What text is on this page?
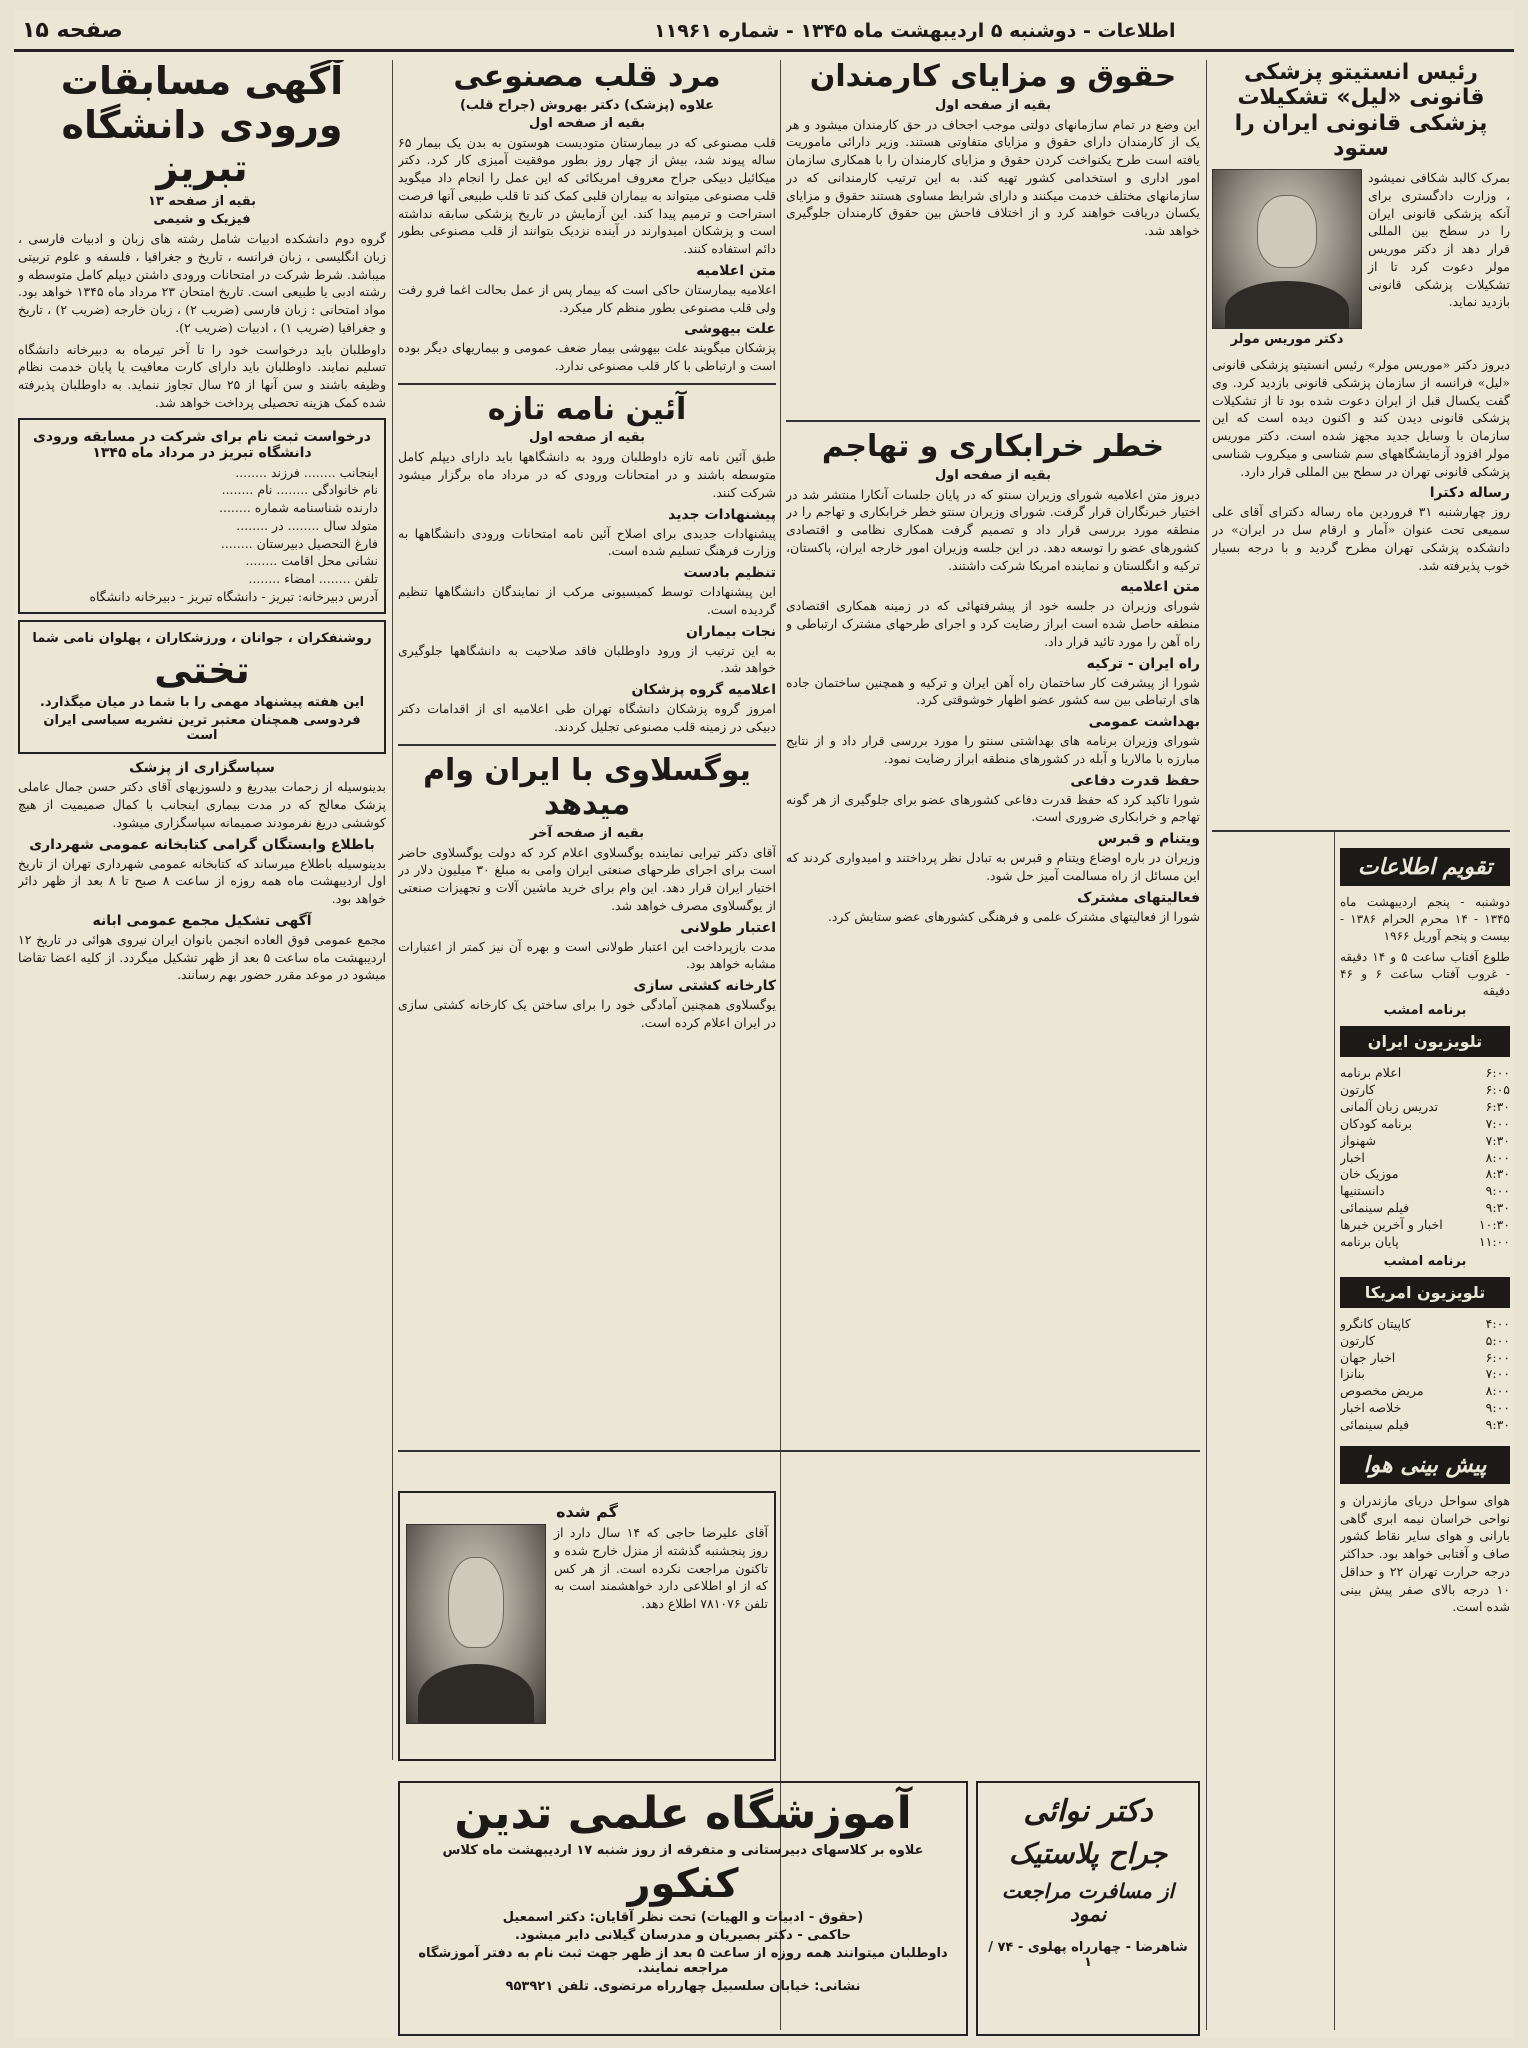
اطلاعات - دوشنبه ۵ اردیبهشت ماه ۱۳۴۵ - شماره ۱۱۹۶۱
صفحه ۱۵
رئیس انستیتو پزشکی قانونی «لیل» تشکیلات پزشکی قانونی ایران را ستود
بمرک کالبد شکافی نمیشود ، وزارت دادگستری برای آنکه پزشکی قانونی ایران را در سطح بین المللی قرار دهد از دکتر موریس مولر دعوت کرد تا از تشکیلات پزشکی قانونی بازدید نماید.
دکتر موریس مولر
دیروز دکتر «موریس مولر» رئیس انستیتو پزشکی قانونی «لیل» فرانسه از سازمان پزشکی قانونی بازدید کرد. وی گفت یکسال قبل از ایران دعوت شده بود تا از تشکیلات پزشکی قانونی دیدن کند و اکنون دیده است که این سازمان با وسایل جدید مجهز شده است. دکتر موریس مولر افزود آزمایشگاههای سم شناسی و میکروب شناسی پزشکی قانونی تهران در سطح بین المللی قرار دارد.
رساله دکترا
روز چهارشنبه ۳۱ فروردین ماه رساله دکترای آقای علی سمیعی تحت عنوان «آمار و ارقام سل در ایران» در دانشکده پزشکی تهران مطرح گردید و با درجه بسیار خوب پذیرفته شد.
تقویم اطلاعات
دوشنبه - پنجم اردیبهشت ماه ۱۳۴۵ - ۱۴ محرم الحرام ۱۳۸۶ - بیست و پنجم آوریل ۱۹۶۶
طلوع آفتاب ساعت ۵ و ۱۴ دقیقه - غروب آفتاب ساعت ۶ و ۴۶ دقیقه
برنامه امشب
تلویزیون ایران
۶:۰۰
اعلام برنامه
۶:۰۵
کارتون
۶:۳۰
تدریس زبان آلمانی
۷:۰۰
برنامه کودکان
۷:۳۰
شهنواز
۸:۰۰
اخبار
۸:۳۰
موزیک خان
۹:۰۰
دانستنیها
۹:۳۰
فیلم سینمائی
۱۰:۳۰
اخبار و آخرین خبرها
۱۱:۰۰
پایان برنامه
برنامه امشب
تلویزیون امریکا
۴:۰۰
کاپیتان کانگرو
۵:۰۰
کارتون
۶:۰۰
اخبار جهان
۷:۰۰
بنانزا
۸:۰۰
مریض مخصوص
۹:۰۰
خلاصه اخبار
۹:۳۰
فیلم سینمائی
پیش بینی هوا
هوای سواحل دریای مازندران و نواحی خراسان نیمه ابری گاهی بارانی و هوای سایر نقاط کشور صاف و آفتابی خواهد بود. حداکثر درجه حرارت تهران ۲۲ و حداقل ۱۰ درجه بالای صفر پیش بینی شده است.
حقوق و مزایای کارمندان
بقیه از صفحه اول
این وضع در تمام سازمانهای دولتی موجب اجحاف در حق کارمندان میشود و هر یک از کارمندان دارای حقوق و مزایای متفاوتی هستند. وزیر دارائی ماموریت یافته است طرح یکنواخت کردن حقوق و مزایای کارمندان را با همکاری سازمان امور اداری و استخدامی کشور تهیه کند. به این ترتیب کارمندانی که در سازمانهای مختلف خدمت میکنند و دارای شرایط مساوی هستند حقوق و مزایای یکسان دریافت خواهند کرد و از اختلاف فاحش بین حقوق کارمندان جلوگیری خواهد شد.
خطر خرابکاری و تهاجم
بقیه از صفحه اول
دیروز متن اعلامیه شورای وزیران سنتو که در پایان جلسات آنکارا منتشر شد در اختیار خبرنگاران قرار گرفت. شورای وزیران سنتو خطر خرابکاری و تهاجم را در منطقه مورد بررسی قرار داد و تصمیم گرفت همکاری نظامی و اقتصادی کشورهای عضو را توسعه دهد. در این جلسه وزیران امور خارجه ایران، پاکستان، ترکیه و انگلستان و نماینده امریکا شرکت داشتند.
متن اعلامیه
شورای وزیران در جلسه خود از پیشرفتهائی که در زمینه همکاری اقتصادی منطقه حاصل شده است ابراز رضایت کرد و اجرای طرحهای مشترک ارتباطی و راه آهن را مورد تائید قرار داد.
راه ایران - ترکیه
شورا از پیشرفت کار ساختمان راه آهن ایران و ترکیه و همچنین ساختمان جاده های ارتباطی بین سه کشور عضو اظهار خوشوقتی کرد.
بهداشت عمومی
شورای وزیران برنامه های بهداشتی سنتو را مورد بررسی قرار داد و از نتایج مبارزه با مالاریا و آبله در کشورهای منطقه ابراز رضایت نمود.
حفظ قدرت دفاعی
شورا تاکید کرد که حفظ قدرت دفاعی کشورهای عضو برای جلوگیری از هر گونه تهاجم و خرابکاری ضروری است.
ویتنام و قبرس
وزیران در باره اوضاع ویتنام و قبرس به تبادل نظر پرداختند و امیدواری کردند که این مسائل از راه مسالمت آمیز حل شود.
فعالیتهای مشترک
شورا از فعالیتهای مشترک علمی و فرهنگی کشورهای عضو ستایش کرد.
مرد قلب مصنوعی
علاوه (پزشک) دکتر بهروش (جراح قلب)
بقیه از صفحه اول
قلب مصنوعی که در بیمارستان متودیست هوستون به بدن یک بیمار ۶۵ ساله پیوند شد، بیش از چهار روز بطور موفقیت آمیزی کار کرد. دکتر میکائیل دبیکی جراح معروف امریکائی که این عمل را انجام داد میگوید قلب مصنوعی میتواند به بیماران قلبی کمک کند تا قلب طبیعی آنها فرصت استراحت و ترمیم پیدا کند. این آزمایش در تاریخ پزشکی سابقه نداشته است و پزشکان امیدوارند در آینده نزدیک بتوانند از قلب مصنوعی بطور دائم استفاده کنند.
متن اعلامیه
اعلامیه بیمارستان حاکی است که بیمار پس از عمل بحالت اغما فرو رفت ولی قلب مصنوعی بطور منظم کار میکرد.
علت بیهوشی
پزشکان میگویند علت بیهوشی بیمار ضعف عمومی و بیماریهای دیگر بوده است و ارتباطی با کار قلب مصنوعی ندارد.
آئین نامه تازه
بقیه از صفحه اول
طبق آئین نامه تازه داوطلبان ورود به دانشگاهها باید دارای دیپلم کامل متوسطه باشند و در امتحانات ورودی که در مرداد ماه برگزار میشود شرکت کنند.
پیشنهادات جدید
پیشنهادات جدیدی برای اصلاح آئین نامه امتحانات ورودی دانشگاهها به وزارت فرهنگ تسلیم شده است.
تنظیم بادست
این پیشنهادات توسط کمیسیونی مرکب از نمایندگان دانشگاهها تنظیم گردیده است.
نجات بیماران
به این ترتیب از ورود داوطلبان فاقد صلاحیت به دانشگاهها جلوگیری خواهد شد.
اعلامیه گروه پزشکان
امروز گروه پزشکان دانشگاه تهران طی اعلامیه ای از اقدامات دکتر دبیکی در زمینه قلب مصنوعی تجلیل کردند.
یوگسلاوی با ایران وام میدهد
بقیه از صفحه آخر
آقای دکتر تیرایی نماینده یوگسلاوی اعلام کرد که دولت یوگسلاوی حاضر است برای اجرای طرحهای صنعتی ایران وامی به مبلغ ۳۰ میلیون دلار در اختیار ایران قرار دهد. این وام برای خرید ماشین آلات و تجهیزات صنعتی از یوگسلاوی مصرف خواهد شد.
اعتبار طولانی
مدت بازپرداخت این اعتبار طولانی است و بهره آن نیز کمتر از اعتبارات مشابه خواهد بود.
کارخانه کشتی سازی
یوگسلاوی همچنین آمادگی خود را برای ساختن یک کارخانه کشتی سازی در ایران اعلام کرده است.
گم شده
آقای علیرضا حاجی که ۱۴ سال دارد از روز پنجشنبه گذشته از منزل خارج شده و تاکنون مراجعت نکرده است. از هر کس که از او اطلاعی دارد خواهشمند است به تلفن ۷۸۱۰۷۶ اطلاع دهد.
آگهی مسابقات ورودی دانشگاه تبریز
بقیه از صفحه ۱۳
فیزیک و شیمی
گروه دوم دانشکده ادبیات شامل رشته های زبان و ادبیات فارسی ، زبان انگلیسی ، زبان فرانسه ، تاریخ و جغرافیا ، فلسفه و علوم تربیتی میباشد. شرط شرکت در امتحانات ورودی داشتن دیپلم کامل متوسطه و رشته ادبی یا طبیعی است. تاریخ امتحان ۲۳ مرداد ماه ۱۳۴۵ خواهد بود. مواد امتحانی : زبان فارسی (ضریب ۲) ، زبان خارجه (ضریب ۲) ، تاریخ و جغرافیا (ضریب ۱) ، ادبیات (ضریب ۲).
داوطلبان باید درخواست خود را تا آخر تیرماه به دبیرخانه دانشگاه تسلیم نمایند. داوطلبان باید دارای کارت معافیت یا پایان خدمت نظام وظیفه باشند و سن آنها از ۲۵ سال تجاوز ننماید. به داوطلبان پذیرفته شده کمک هزینه تحصیلی پرداخت خواهد شد.
درخواست ثبت نام برای شرکت در مسابقه ورودی دانشگاه تبریز در مرداد ماه ۱۳۴۵
اینجانب ........ فرزند ........
نام خانوادگی ........ نام ........
دارنده شناسنامه شماره ........
متولد سال ........ در ........
فارغ التحصیل دبیرستان ........
نشانی محل اقامت ........
تلفن ........ امضاء ........
آدرس دبیرخانه: تبریز - دانشگاه تبریز - دبیرخانه دانشگاه
روشنفکران ، جوانان ، ورزشکاران ، پهلوان نامی شما
تختی
این هفته پیشنهاد مهمی را با شما در میان میگذارد.
فردوسی همچنان معتبر ترین نشریه سیاسی ایران است
سپاسگزاری از پزشک
بدینوسیله از زحمات بیدریغ و دلسوزیهای آقای دکتر حسن جمال عاملی پزشک معالج که در مدت بیماری اینجانب با کمال صمیمیت از هیچ کوششی دریغ نفرمودند صمیمانه سپاسگزاری میشود.
باطلاع وابستگان گرامی کتابخانه عمومی شهرداری
بدینوسیله باطلاع میرساند که کتابخانه عمومی شهرداری تهران از تاریخ اول اردیبهشت ماه همه روزه از ساعت ۸ صبح تا ۸ بعد از ظهر دائر خواهد بود.
آگهی تشکیل مجمع عمومی ابانه
مجمع عمومی فوق العاده انجمن بانوان ایران نیروی هوائی در تاریخ ۱۲ اردیبهشت ماه ساعت ۵ بعد از ظهر تشکیل میگردد. از کلیه اعضا تقاضا میشود در موعد مقرر حضور بهم رسانند.
آموزشگاه علمی تدین
علاوه بر کلاسهای دبیرستانی و متفرقه از روز شنبه ۱۷ اردیبهشت ماه کلاس
کنکور
(حقوق - ادبیات و الهیات) تحت نظر آقایان: دکتر اسمعیل
حاکمی - دکتر بصیریان و مدرسان گیلانی دایر میشود.
داوطلبان میتوانند همه روزه از ساعت ۵ بعد از ظهر جهت ثبت نام به دفتر آموزشگاه مراجعه نمایند.
نشانی: خیابان سلسبیل چهارراه مرتضوی. تلفن ۹۵۳۹۲۱
دکتر نوائی
جراح پلاستیک
از مسافرت مراجعت نمود
شاهرضا - چهارراه پهلوی - ۷۴ / ۱
